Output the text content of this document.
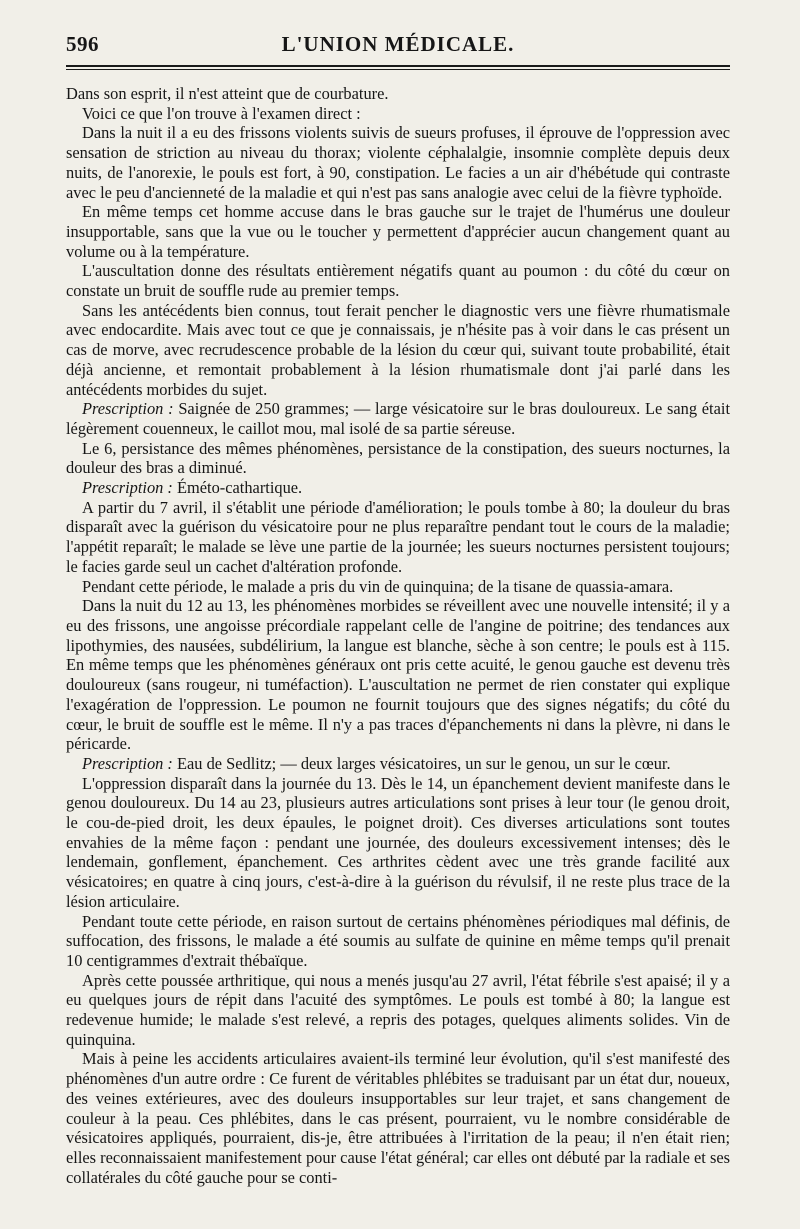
596	L'UNION MÉDICALE.

Dans son esprit, il n'est atteint que de courbature.

Voici ce que l'on trouve à l'examen direct :

Dans la nuit il a eu des frissons violents suivis de sueurs profuses, il éprouve de l'oppression avec sensation de striction au niveau du thorax; violente céphalalgie, insomnie complète depuis deux nuits, de l'anorexie, le pouls est fort, à 90, constipation. Le facies a un air d'hébétude qui contraste avec le peu d'ancienneté de la maladie et qui n'est pas sans analogie avec celui de la fièvre typhoïde.

En même temps cet homme accuse dans le bras gauche sur le trajet de l'humérus une douleur insupportable, sans que la vue ou le toucher y permettent d'apprécier aucun changement quant au volume ou à la température.

L'auscultation donne des résultats entièrement négatifs quant au poumon : du côté du cœur on constate un bruit de souffle rude au premier temps.

Sans les antécédents bien connus, tout ferait pencher le diagnostic vers une fièvre rhumatismale avec endocardite. Mais avec tout ce que je connaissais, je n'hésite pas à voir dans le cas présent un cas de morve, avec recrudescence probable de la lésion du cœur qui, suivant toute probabilité, était déjà ancienne, et remontait probablement à la lésion rhumatismale dont j'ai parlé dans les antécédents morbides du sujet.

Prescription : Saignée de 250 grammes; — large vésicatoire sur le bras douloureux. Le sang était légèrement couenneux, le caillot mou, mal isolé de sa partie séreuse.

Le 6, persistance des mêmes phénomènes, persistance de la constipation, des sueurs nocturnes, la douleur des bras a diminué.

Prescription : Éméto-cathartique.

A partir du 7 avril, il s'établit une période d'amélioration; le pouls tombe à 80; la douleur du bras disparaît avec la guérison du vésicatoire pour ne plus reparaître pendant tout le cours de la maladie; l'appétit reparaît; le malade se lève une partie de la journée; les sueurs nocturnes persistent toujours; le facies garde seul un cachet d'altération profonde.

Pendant cette période, le malade a pris du vin de quinquina; de la tisane de quassia-amara.

Dans la nuit du 12 au 13, les phénomènes morbides se réveillent avec une nouvelle intensité; il y a eu des frissons, une angoisse précordiale rappelant celle de l'angine de poitrine; des tendances aux lipothymies, des nausées, subdélirium, la langue est blanche, sèche à son centre; le pouls est à 115. En même temps que les phénomènes généraux ont pris cette acuité, le genou gauche est devenu très douloureux (sans rougeur, ni tuméfaction). L'auscultation ne permet de rien constater qui explique l'exagération de l'oppression. Le poumon ne fournit toujours que des signes négatifs; du côté du cœur, le bruit de souffle est le même. Il n'y a pas traces d'épanchements ni dans la plèvre, ni dans le péricarde.

Prescription : Eau de Sedlitz; — deux larges vésicatoires, un sur le genou, un sur le cœur.

L'oppression disparaît dans la journée du 13. Dès le 14, un épanchement devient manifeste dans le genou douloureux. Du 14 au 23, plusieurs autres articulations sont prises à leur tour (le genou droit, le cou-de-pied droit, les deux épaules, le poignet droit). Ces diverses articulations sont toutes envahies de la même façon : pendant une journée, des douleurs excessivement intenses; dès le lendemain, gonflement, épanchement. Ces arthrites cèdent avec une très grande facilité aux vésicatoires; en quatre à cinq jours, c'est-à-dire à la guérison du révulsif, il ne reste plus trace de la lésion articulaire.

Pendant toute cette période, en raison surtout de certains phénomènes périodiques mal définis, de suffocation, des frissons, le malade a été soumis au sulfate de quinine en même temps qu'il prenait 10 centigrammes d'extrait thébaïque.

Après cette poussée arthritique, qui nous a menés jusqu'au 27 avril, l'état fébrile s'est apaisé; il y a eu quelques jours de répit dans l'acuité des symptômes. Le pouls est tombé à 80; la langue est redevenue humide; le malade s'est relevé, a repris des potages, quelques aliments solides. Vin de quinquina.

Mais à peine les accidents articulaires avaient-ils terminé leur évolution, qu'il s'est manifesté des phénomènes d'un autre ordre : Ce furent de véritables phlébites se traduisant par un état dur, noueux, des veines extérieures, avec des douleurs insupportables sur leur trajet, et sans changement de couleur à la peau. Ces phlébites, dans le cas présent, pourraient, vu le nombre considérable de vésicatoires appliqués, pourraient, dis-je, être attribuées à l'irritation de la peau; il n'en était rien; elles reconnaissaient manifestement pour cause l'état général; car elles ont débuté par la radiale et ses collatérales du côté gauche pour se conti-
